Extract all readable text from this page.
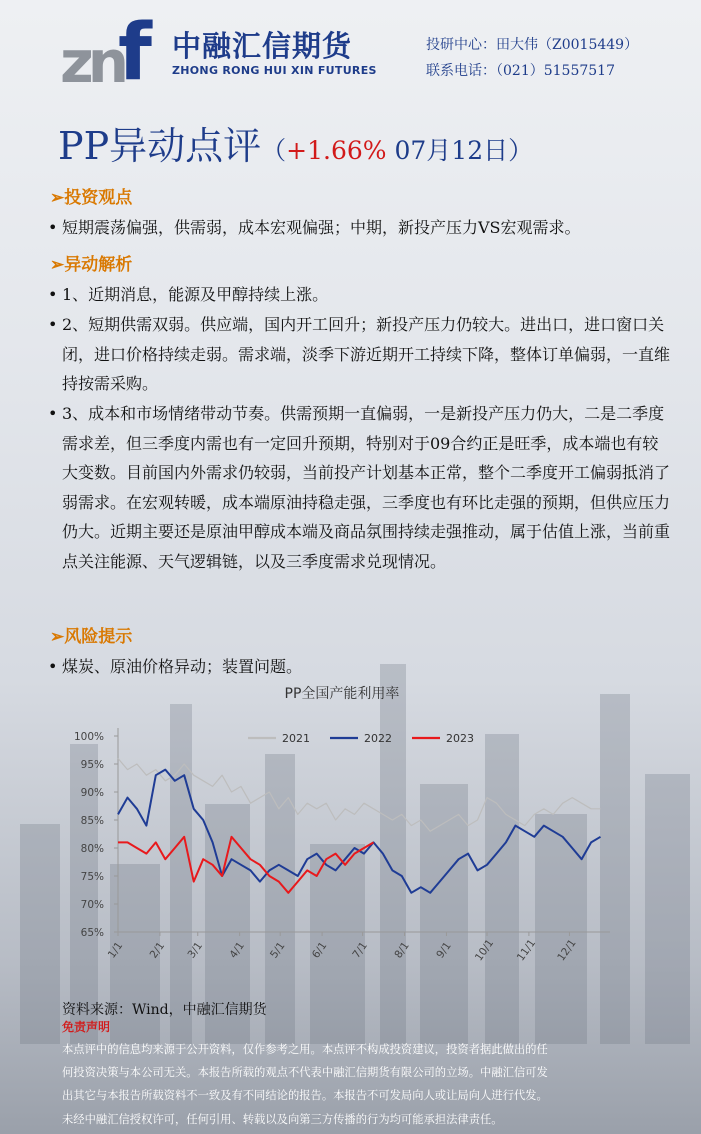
zn
f 中融汇信期货
ZHONG RONG HUI XIN FUTURES
投研中心：田大伟（Z0015449）
联系电话：（021）51557517
PP异动点评（+1.66% 07月12日）
➢投资观点
• 短期震荡偏强，供需弱，成本宏观偏强；中期，新投产压力VS宏观需求。
➢异动解析
• 1、近期消息，能源及甲醇持续上涨。
• 2、短期供需双弱。供应端，国内开工回升；新投产压力仍较大。进出口，进口窗口关闭，进口价格持续走弱。需求端，淡季下游近期开工持续下降，整体订单偏弱，一直维持按需采购。
• 3、成本和市场情绪带动节奏。供需预期一直偏弱，一是新投产压力仍大，二是二季度需求差，但三季度内需也有一定回升预期，特别对于09合约正是旺季，成本端也有较大变数。目前国内外需求仍较弱，当前投产计划基本正常，整个二季度开工偏弱抵消了弱需求。在宏观转暖，成本端原油持稳走强，三季度也有环比走强的预期，但供应压力仍大。近期主要还是原油甲醇成本端及商品氛围持续走强推动，属于估值上涨，当前重点关注能源、天气逻辑链，以及三季度需求兑现情况。
➢风险提示
• 煤炭、原油价格异动；装置问题。
PP全国产能利用率
2021	2022	2023
100%
95%
90%
85%
80%
75%
70%
65%
1/1 2/1 3/1 4/1 5/1 6/1 7/1 8/1 9/1 10/1 11/1 12/1
资料来源：Wind，中融汇信期货
免责声明
本点评中的信息均来源于公开资料，仅作参考之用。本点评不构成投资建议，投资者据此做出的任
何投资决策与本公司无关。本报告所载的观点不代表中融汇信期货有限公司的立场。中融汇信可发
出其它与本报告所载资料不一致及有不同结论的报告。本报告不可发局向人或让局向人进行代发。
未经中融汇信授权许可，任何引用、转载以及向第三方传播的行为均可能承担法律责任。
